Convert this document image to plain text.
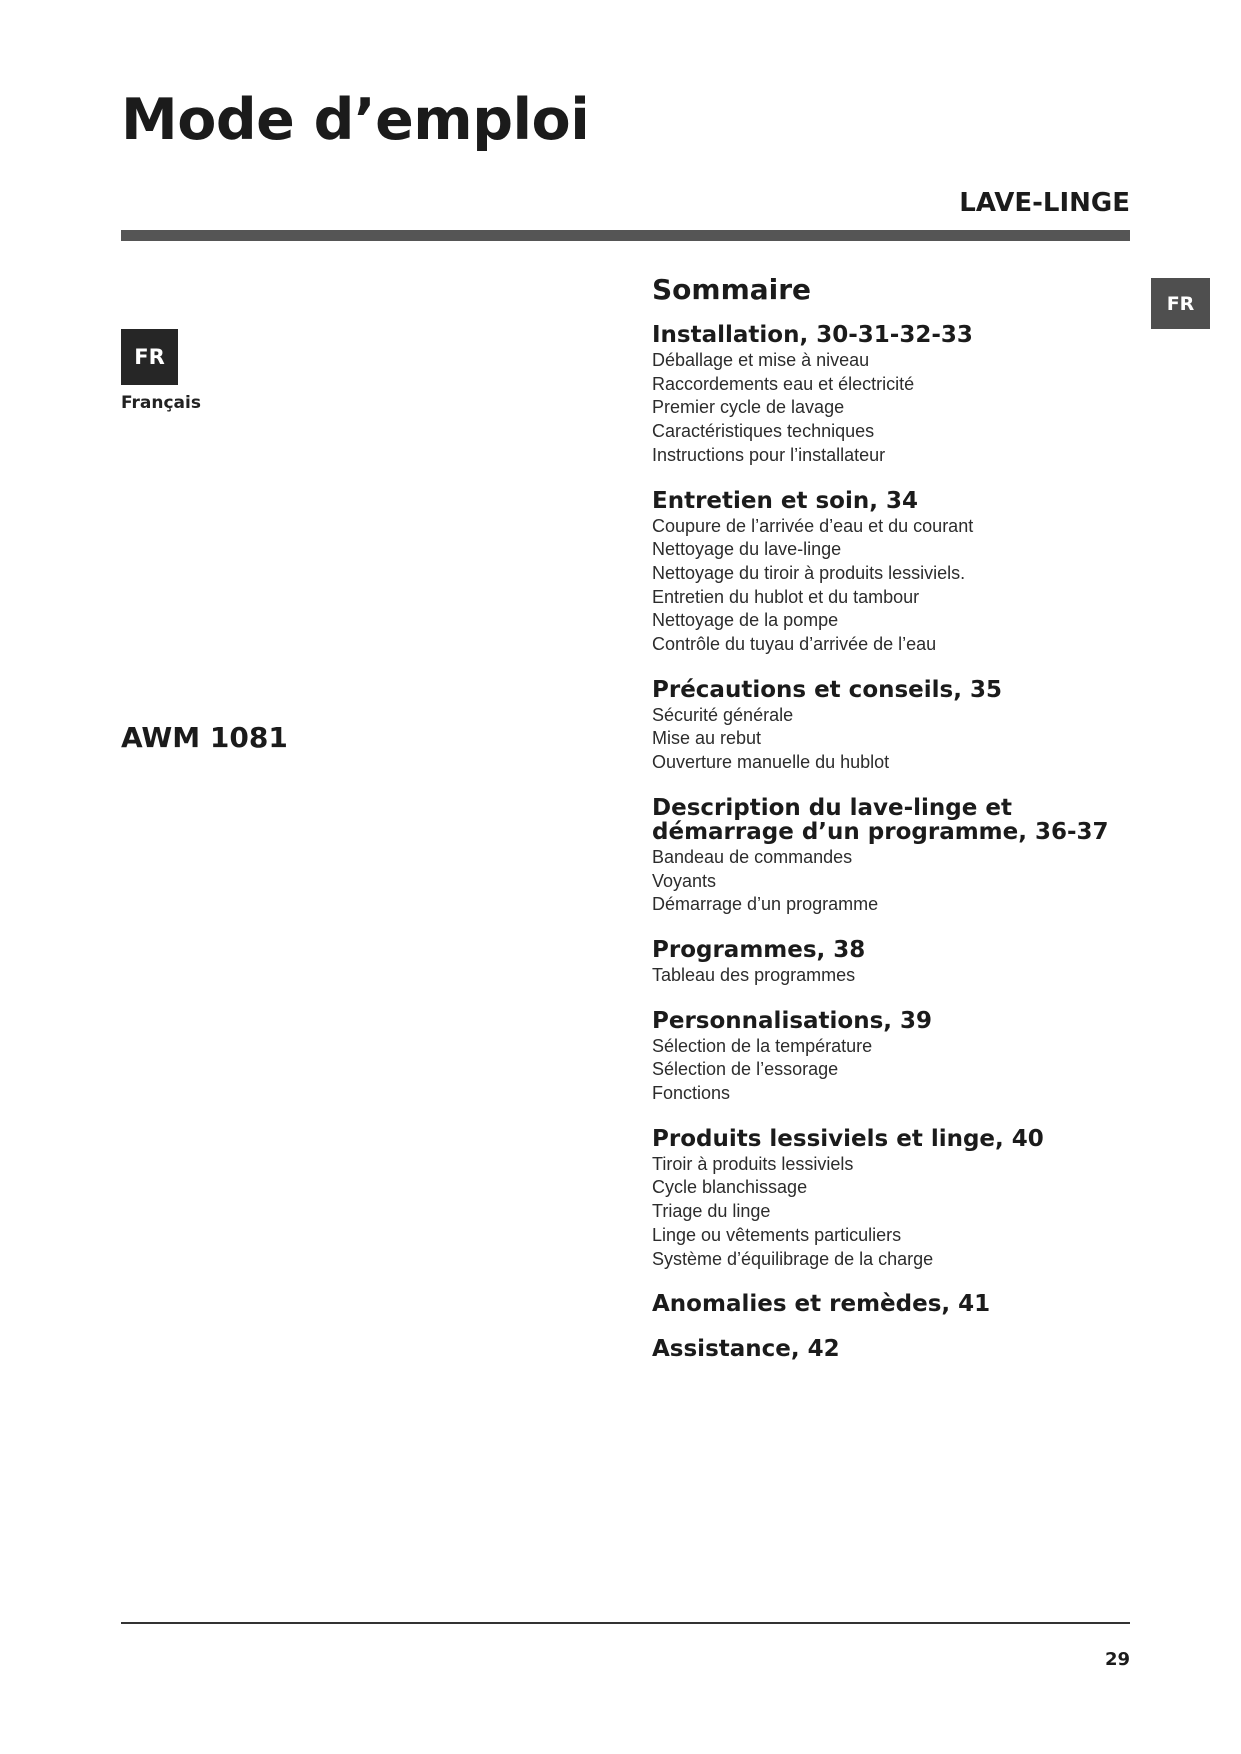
Mode d’emploi
LAVE-LINGE
FR
Français
AWM 1081
FR
Sommaire
Installation, 30-31-32-33
Déballage et mise à niveau
Raccordements eau et électricité
Premier cycle de lavage
Caractéristiques techniques
Instructions pour l’installateur
Entretien et soin, 34
Coupure de l’arrivée d’eau et du courant
Nettoyage du lave-linge
Nettoyage du tiroir à produits lessiviels.
Entretien du hublot et du tambour
Nettoyage de la pompe
Contrôle du tuyau d’arrivée de l’eau
Précautions et conseils, 35
Sécurité générale
Mise au rebut
Ouverture manuelle du hublot
Description du lave-linge et démarrage d’un programme, 36-37
Bandeau de commandes
Voyants
Démarrage d’un programme
Programmes, 38
Tableau des programmes
Personnalisations, 39
Sélection de la température
Sélection de l’essorage
Fonctions
Produits lessiviels et linge, 40
Tiroir à produits lessiviels
Cycle blanchissage
Triage du linge
Linge ou vêtements particuliers
Système d’équilibrage de la charge
Anomalies et remèdes, 41
Assistance, 42
29
